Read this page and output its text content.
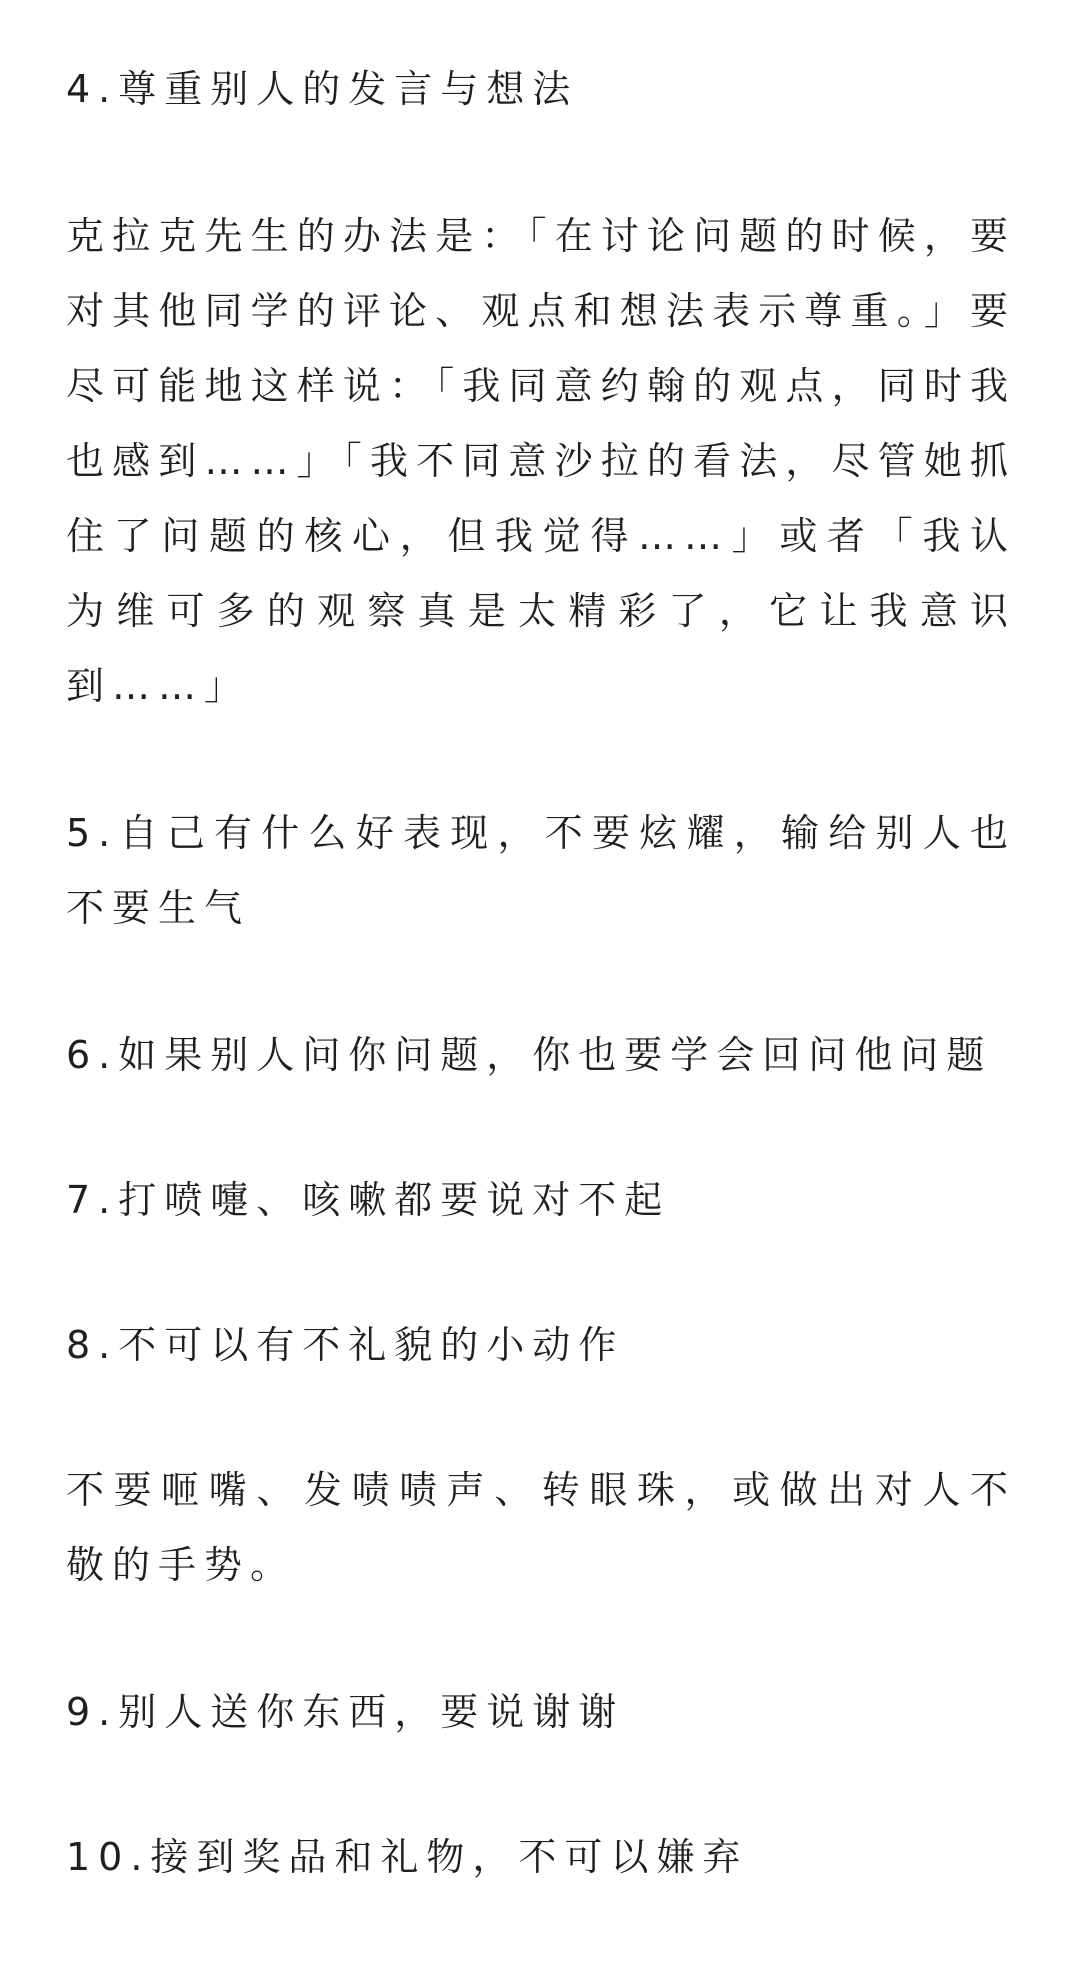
4.尊重别人的发言与想法

克拉克先生的办法是：「在讨论问题的时候，要对其他同学的评论、观点和想法表示尊重。」要尽可能地这样说：「我同意约翰的观点，同时我也感到……」「我不同意沙拉的看法，尽管她抓住了问题的核心，但我觉得……」或者「我认为维可多的观察真是太精彩了，它让我意识到……」

5.自己有什么好表现，不要炫耀，输给别人也不要生气

6.如果别人问你问题，你也要学会回问他问题

7.打喷嚏、咳嗽都要说对不起

8.不可以有不礼貌的小动作

不要咂嘴、发啧啧声、转眼珠，或做出对人不敬的手势。

9.别人送你东西，要说谢谢

10.接到奖品和礼物，不可以嫌弃
